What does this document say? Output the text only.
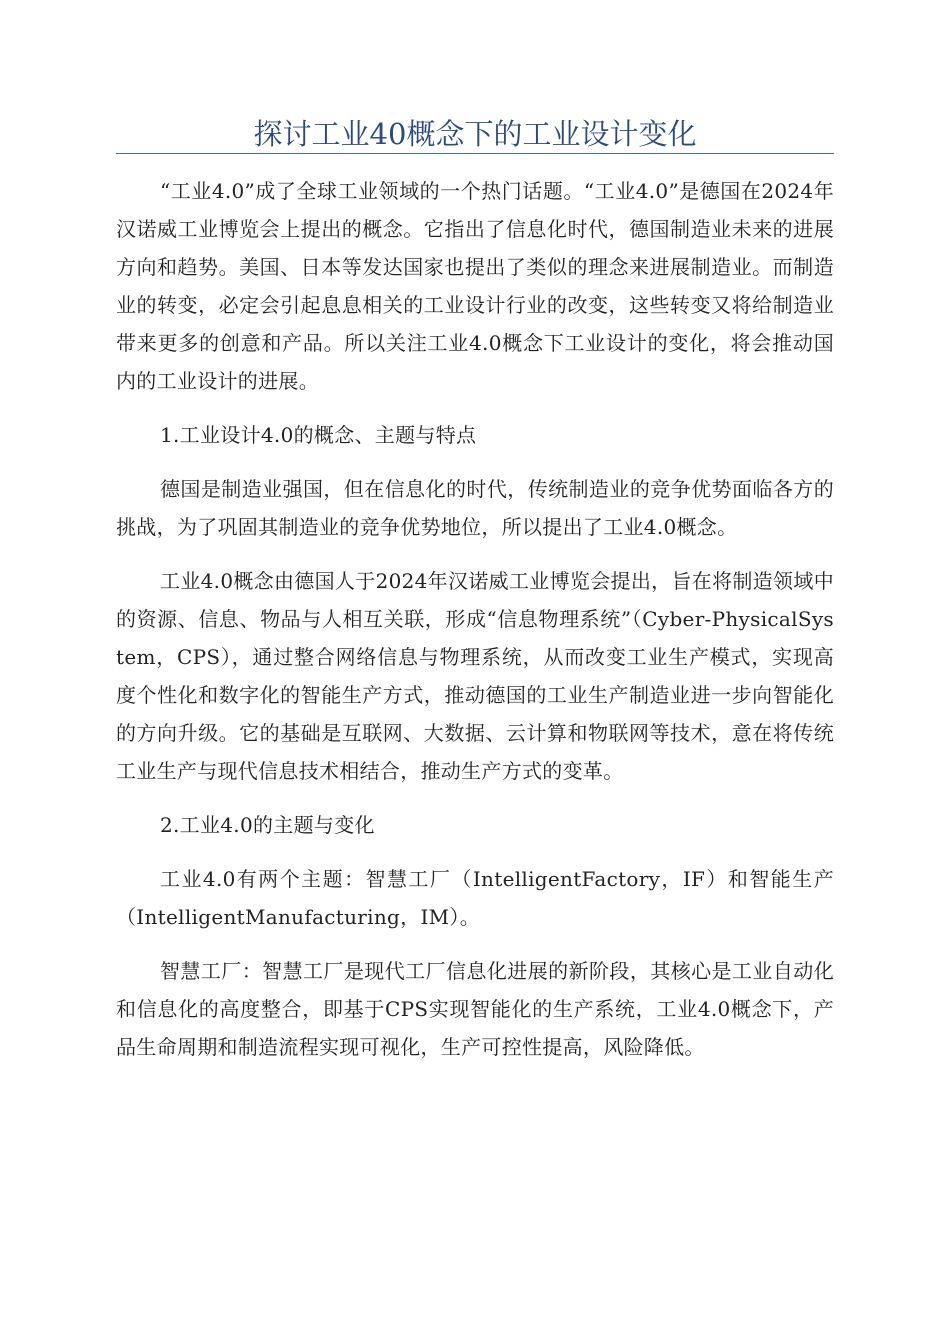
探讨工业40概念下的工业设计变化

“工业4.0”成了全球工业领域的一个热门话题。“工业4.0”是德国在2024年汉诺威工业博览会上提出的概念。它指出了信息化时代，德国制造业未来的进展方向和趋势。美国、日本等发达国家也提出了类似的理念来进展制造业。而制造业的转变，必定会引起息息相关的工业设计行业的改变，这些转变又将给制造业带来更多的创意和产品。所以关注工业4.0概念下工业设计的变化，将会推动国内的工业设计的进展。

1.工业设计4.0的概念、主题与特点

德国是制造业强国，但在信息化的时代，传统制造业的竞争优势面临各方的挑战，为了巩固其制造业的竞争优势地位，所以提出了工业4.0概念。

工业4.0概念由德国人于2024年汉诺威工业博览会提出，旨在将制造领域中的资源、信息、物品与人相互关联，形成“信息物理系统”（Cyber-PhysicalSystem，CPS），通过整合网络信息与物理系统，从而改变工业生产模式，实现高度个性化和数字化的智能生产方式，推动德国的工业生产制造业进一步向智能化的方向升级。它的基础是互联网、大数据、云计算和物联网等技术，意在将传统工业生产与现代信息技术相结合，推动生产方式的变革。

2.工业4.0的主题与变化

工业4.0有两个主题：智慧工厂（IntelligentFactory，IF）和智能生产（IntelligentManufacturing，IM）。

智慧工厂：智慧工厂是现代工厂信息化进展的新阶段，其核心是工业自动化和信息化的高度整合，即基于CPS实现智能化的生产系统，工业4.0概念下，产品生命周期和制造流程实现可视化，生产可控性提高，风险降低。
